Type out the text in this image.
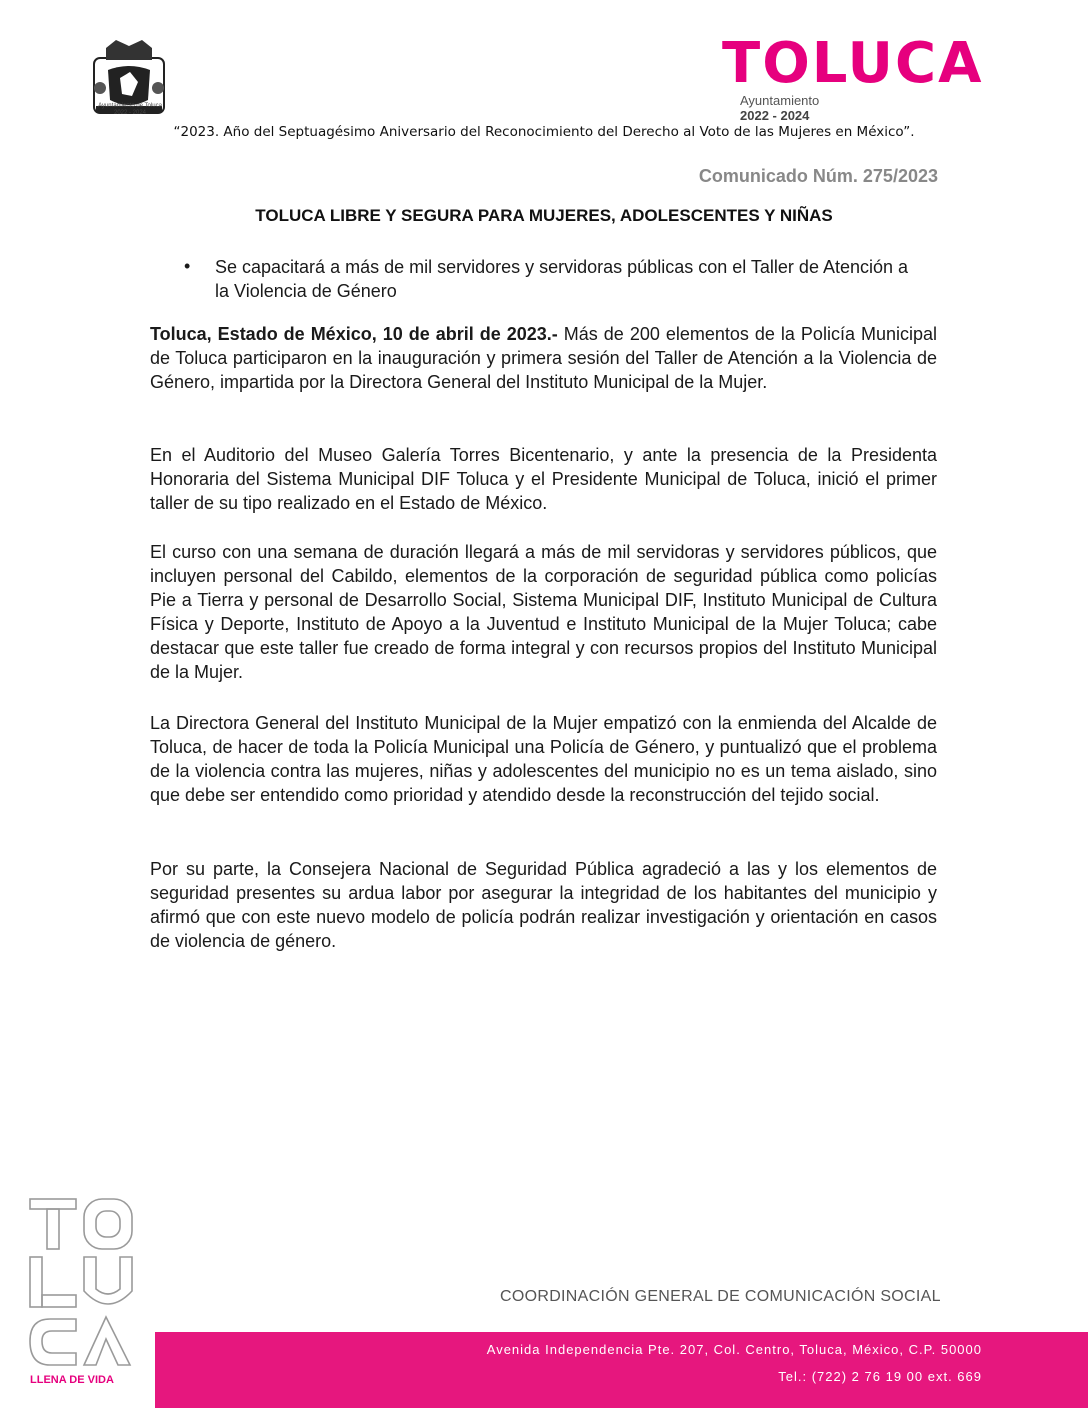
Ayuntamiento de Toluca
2022 - 2024
TOLUCA
Ayuntamiento
2022 - 2024
“2023. Año del Septuagésimo Aniversario del Reconocimiento del Derecho al Voto de las Mujeres en México”.
Comunicado Núm. 275/2023
TOLUCA LIBRE Y SEGURA PARA MUJERES, ADOLESCENTES Y NIÑAS
• Se capacitará a más de mil servidores y servidoras públicas con el Taller de Atención a la Violencia de Género
Toluca, Estado de México, 10 de abril de 2023.- Más de 200 elementos de la Policía Municipal de Toluca participaron en la inauguración y primera sesión del Taller de Atención a la Violencia de Género, impartida por la Directora General del Instituto Municipal de la Mujer.
En el Auditorio del Museo Galería Torres Bicentenario, y ante la presencia de la Presidenta Honoraria del Sistema Municipal DIF Toluca y el Presidente Municipal de Toluca, inició el primer taller de su tipo realizado en el Estado de México.
El curso con una semana de duración llegará a más de mil servidoras y servidores públicos, que incluyen personal del Cabildo, elementos de la corporación de seguridad pública como policías Pie a Tierra y personal de Desarrollo Social, Sistema Municipal DIF, Instituto Municipal de Cultura Física y Deporte, Instituto de Apoyo a la Juventud e Instituto Municipal de la Mujer Toluca; cabe destacar que este taller fue creado de forma integral y con recursos propios del Instituto Municipal de la Mujer.
La Directora General del Instituto Municipal de la Mujer empatizó con la enmienda del Alcalde de Toluca, de hacer de toda la Policía Municipal una Policía de Género, y puntualizó que el problema de la violencia contra las mujeres, niñas y adolescentes del municipio no es un tema aislado, sino que debe ser entendido como prioridad y atendido desde la reconstrucción del tejido social.
Por su parte, la Consejera Nacional de Seguridad Pública agradeció a las y los elementos de seguridad presentes su ardua labor por asegurar la integridad de los habitantes del municipio y afirmó que con este nuevo modelo de policía podrán realizar investigación y orientación en casos de violencia de género.
LLENA DE VIDA
COORDINACIÓN GENERAL DE COMUNICACIÓN SOCIAL
Avenida Independencia Pte. 207, Col. Centro, Toluca, México, C.P. 50000
Tel.: (722) 2 76 19 00 ext. 669
